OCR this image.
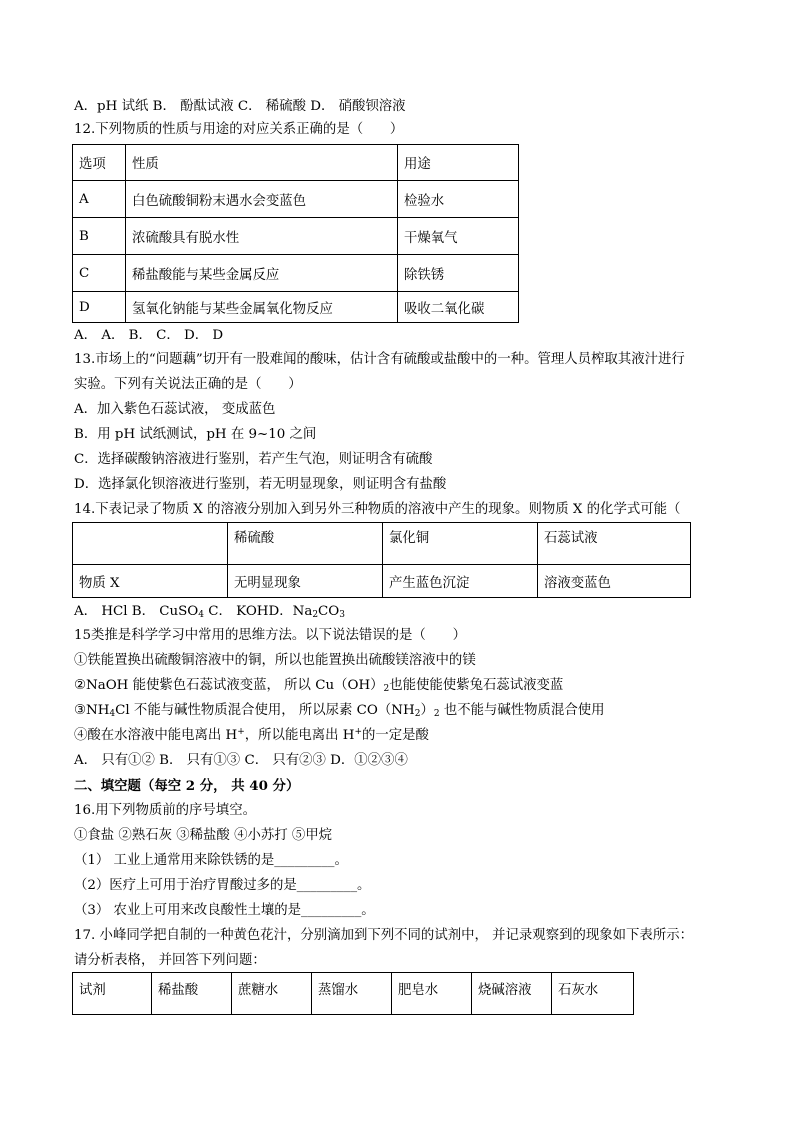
A．pH 试纸 B． 酚酞试液 C． 稀硫酸 D． 硝酸钡溶液
12.下列物质的性质与用途的对应关系正确的是（　　）
选项	性质	用途
A	白色硫酸铜粉末遇水会变蓝色	检验水
B	浓硫酸具有脱水性	干燥氧气
C	稀盐酸能与某些金属反应	除铁锈
D	氢氧化钠能与某些金属氧化物反应	吸收二氧化碳
A． A． B． C． D． D
13.市场上的“问题藕”切开有一股难闻的酸味，估计含有硫酸或盐酸中的一种。管理人员榨取其液汁进行
实验。下列有关说法正确的是（　　）
A．加入紫色石蕊试液， 变成蓝色
B．用 pH 试纸测试，pH 在 9~10 之间
C．选择碳酸钠溶液进行鉴别，若产生气泡，则证明含有硫酸
D．选择氯化钡溶液进行鉴别，若无明显现象，则证明含有盐酸
14.下表记录了物质 X 的溶液分别加入到另外三种物质的溶液中产生的现象。则物质 X 的化学式可能（
	稀硫酸	氯化铜	石蕊试液
物质 X	无明显现象	产生蓝色沉淀	溶液变蓝色
A． HCl B． CuSO$_4$ C． KOHD．$Na_2CO_3$
15类推是科学学习中常用的思维方法。以下说法错误的是（　　）
①铁能置换出硫酸铜溶液中的铜，所以也能置换出硫酸镁溶液中的镁
②NaOH 能使紫色石蕊试液变蓝， 所以 $Cu(OH)_2$也能使能使紫兔石蕊试液变蓝
$③NH_4Cl$ 不能与碱性物质混合使用， 所以尿素 $CO(NH_2)_2$ 也不能与碱性物质混合使用
④酸在水溶液中能电离出 H+，所以能电离出 H+的一定是酸
A． 只有①② B． 只有①③ C． 只有②③ D．①②③④
二、填空题（每空 2 分， 共 40 分）
16.用下列物质前的序号填空。
①食盐 ②熟石灰 ③稀盐酸 ④小苏打 ⑤甲烷
（1） 工业上通常用来除铁锈的是_________。
（2）医疗上可用于治疗胃酸过多的是_________。
（3） 农业上可用来改良酸性土壤的是_________。
17. 小峰同学把自制的一种黄色花汁，分别滴加到下列不同的试剂中， 并记录观察到的现象如下表所示：
请分析表格， 并回答下列问题：
试剂	稀盐酸	蔗糖水	蒸馏水	肥皂水	烧碱溶液	石灰水
